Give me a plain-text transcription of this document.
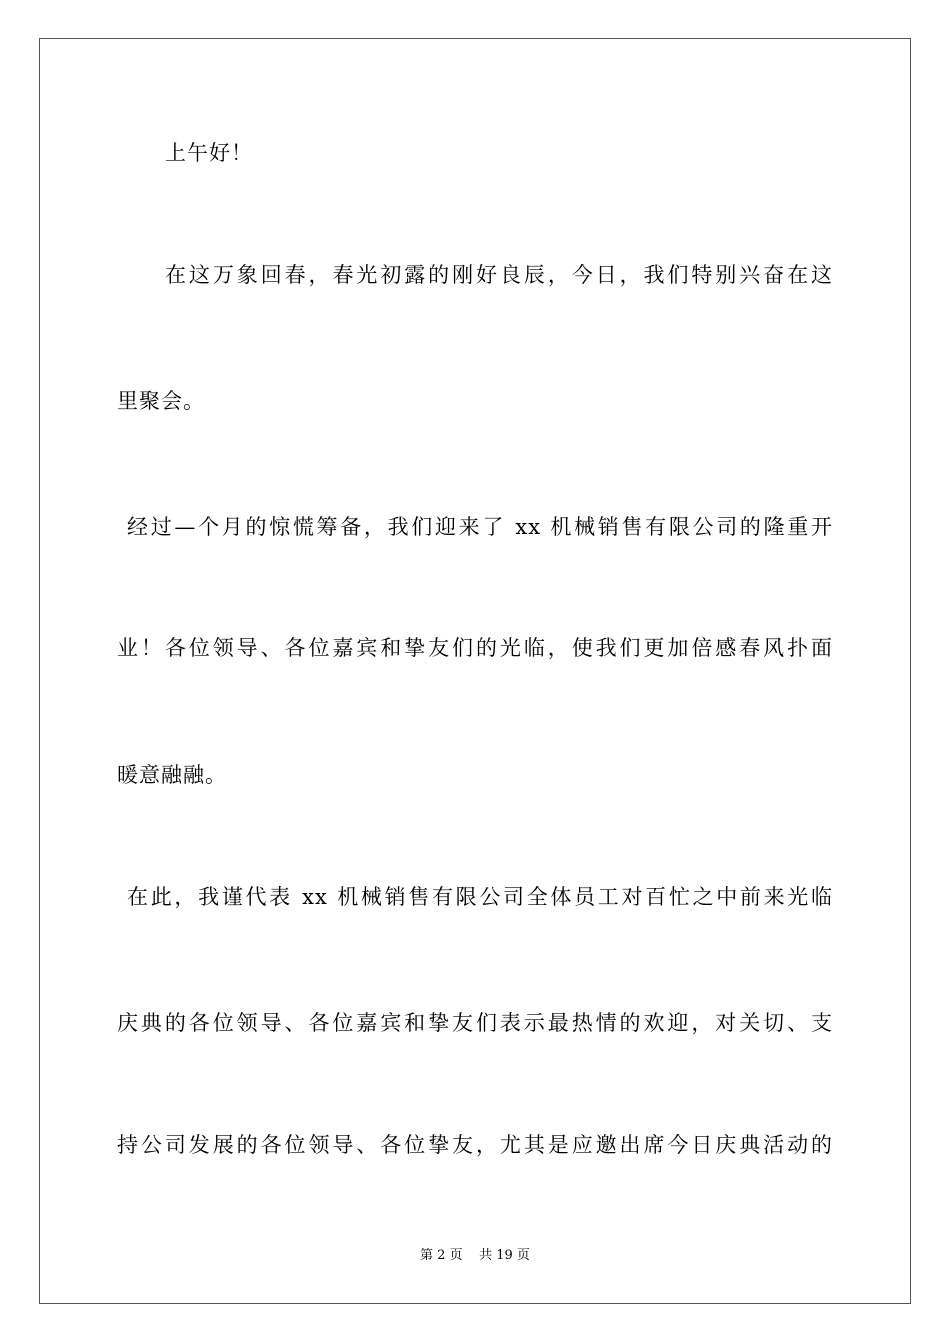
上午好！
在这万象回春，春光初露的刚好良辰，今日，我们特别兴奋在这
里聚会。
经过—个月的惊慌筹备，我们迎来了 xx 机械销售有限公司的隆重开
业！各位领导、各位嘉宾和挚友们的光临，使我们更加倍感春风扑面
暖意融融。
在此，我谨代表 xx 机械销售有限公司全体员工对百忙之中前来光临
庆典的各位领导、各位嘉宾和挚友们表示最热情的欢迎，对关切、支
持公司发展的各位领导、各位挚友，尤其是应邀出席今日庆典活动的
第 2 页 共 19 页
